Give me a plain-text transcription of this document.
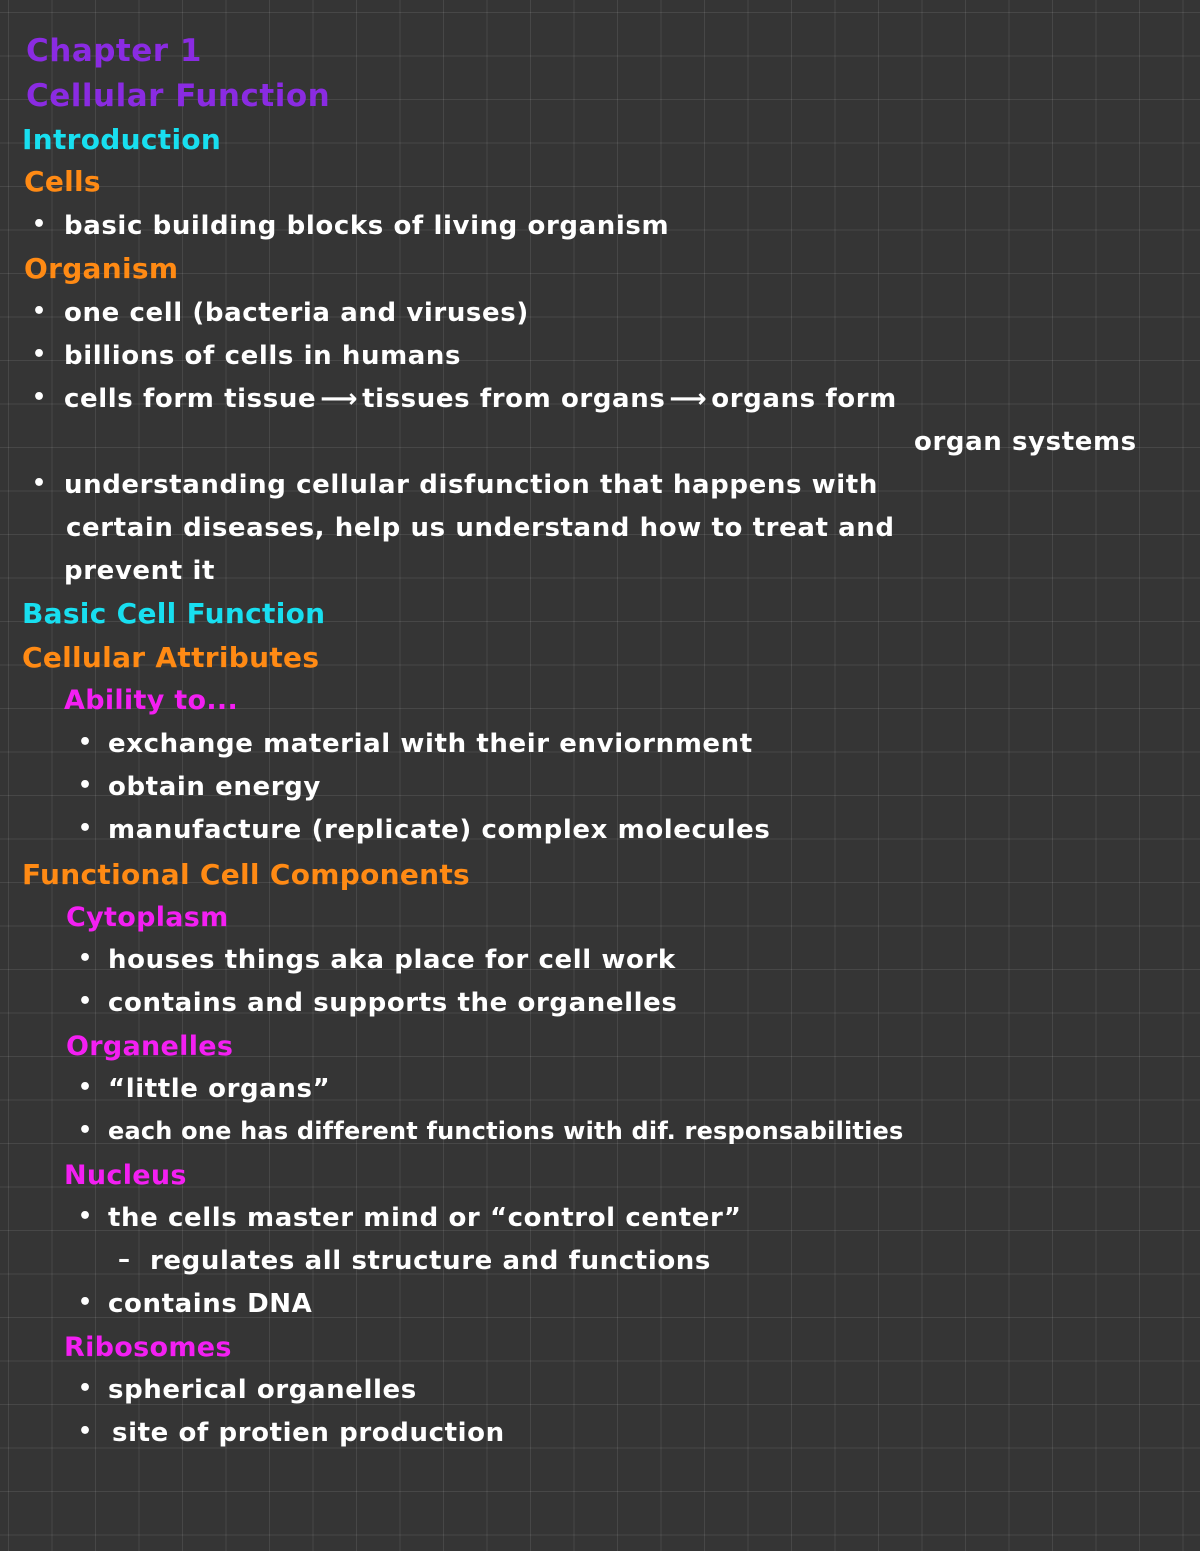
Chapter 1
Cellular Function
Introduction
Cells
• basic building blocks of living organism
Organism
• one cell (bacteria and viruses)
• billions of cells in humans
• cells form tissue ⟶ tissues from organs ⟶ organs form
organ systems
• understanding cellular disfunction that happens with
certain diseases, help us understand how to treat and
prevent it
Basic Cell Function
Cellular Attributes
Ability to...
• exchange material with their enviornment
• obtain energy
• manufacture (replicate) complex molecules
Functional Cell Components
Cytoplasm
• houses things aka place for cell work
• contains and supports the organelles
Organelles
• “little organs”
• each one has different functions with dif. responsabilities
Nucleus
• the cells master mind or “control center”
– regulates all structure and functions
• contains DNA
Ribosomes
• spherical organelles
• site of protien production
